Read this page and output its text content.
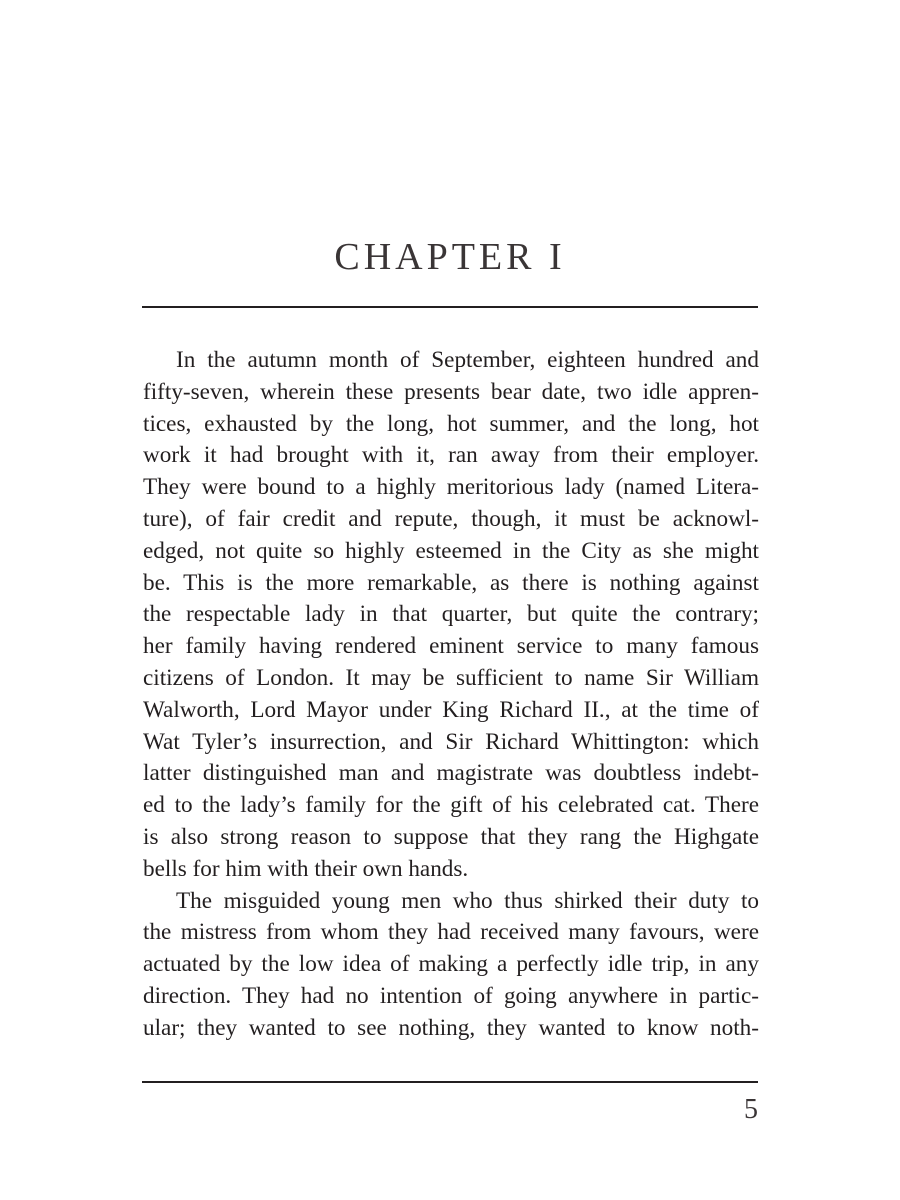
CHAPTER I

In the autumn month of September, eighteen hundred and
fifty-seven, wherein these presents bear date, two idle appren-
tices, exhausted by the long, hot summer, and the long, hot
work it had brought with it, ran away from their employer.
They were bound to a highly meritorious lady (named Litera-
ture), of fair credit and repute, though, it must be acknowl-
edged, not quite so highly esteemed in the City as she might
be. This is the more remarkable, as there is nothing against
the respectable lady in that quarter, but quite the contrary;
her family having rendered eminent service to many famous
citizens of London. It may be sufficient to name Sir William
Walworth, Lord Mayor under King Richard II., at the time of
Wat Tyler’s insurrection, and Sir Richard Whittington: which
latter distinguished man and magistrate was doubtless indebt-
ed to the lady’s family for the gift of his celebrated cat. There
is also strong reason to suppose that they rang the Highgate
bells for him with their own hands.

The misguided young men who thus shirked their duty to
the mistress from whom they had received many favours, were
actuated by the low idea of making a perfectly idle trip, in any
direction. They had no intention of going anywhere in partic-
ular; they wanted to see nothing, they wanted to know noth-

5
